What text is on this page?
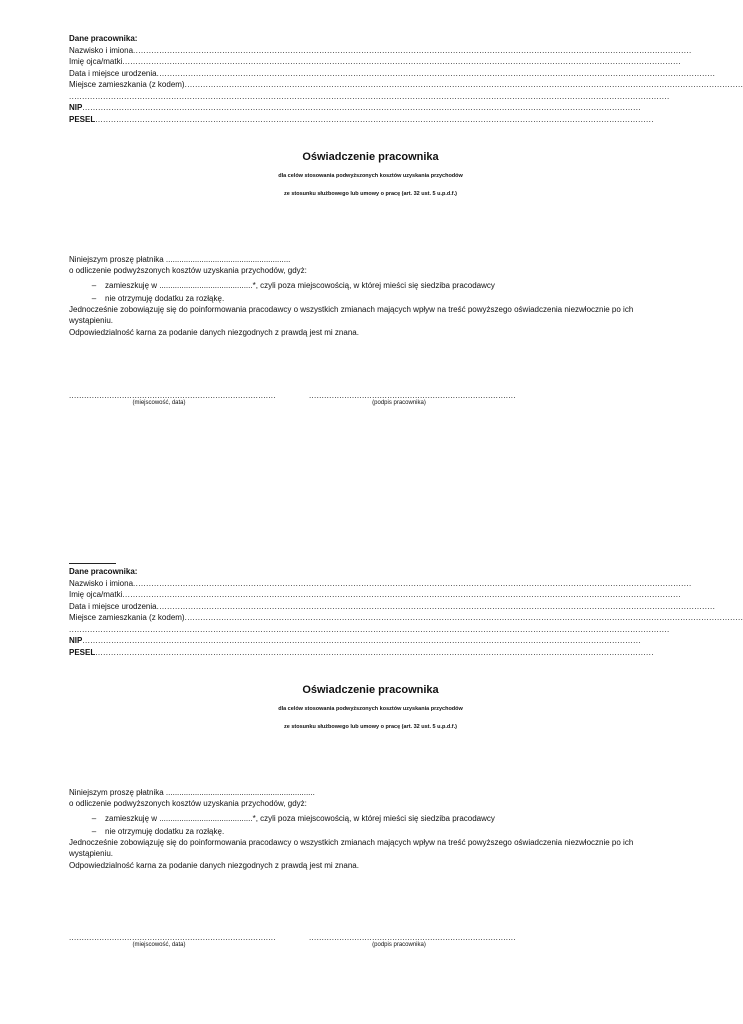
Dane pracownika:
Nazwisko i imiona .....................................................................................................................................................................................................................
Imię ojca/matki .....................................................................................................................................................................................................................
Data i miejsce urodzenia .....................................................................................................................................................................................................................
Miejsce zamieszkania (z kodem) .....................................................................................................................................................................................................................
.....................................................................................................................................................................................................................................
NIP .....................................................................................................................................................................................................................
PESEL .....................................................................................................................................................................................................................
Oświadczenie pracownika
dla celów stosowania podwyższonych kosztów uzyskania przychodów
ze stosunku służbowego lub umowy o pracę (art. 32 ust. 5 u.p.d.f.)
Niniejszym proszę płatnika ........................................................
o odliczenie podwyższonych kosztów uzyskania przychodów, gdyż:
–	zamieszkuję w ..........................................*, czyli poza miejscowością, w której mieści się siedziba pracodawcy
–	nie otrzymuję dodatku za rozłąkę.
Jednocześnie zobowiązuję się do poinformowania pracodawcy o wszystkich zmianach mających wpływ na treść powyższego oświadczenia niezwłocznie po ich wystąpieniu.
Odpowiedzialność karna za podanie danych niezgodnych z prawdą jest mi znana.
..................................................................................
(miejscowość, data)
..................................................................................
(podpis pracownika)
Dane pracownika:
Nazwisko i imiona .....................................................................................................................................................................................................................
Imię ojca/matki .....................................................................................................................................................................................................................
Data i miejsce urodzenia .....................................................................................................................................................................................................................
Miejsce zamieszkania (z kodem) .....................................................................................................................................................................................................................
.....................................................................................................................................................................................................................................
NIP .....................................................................................................................................................................................................................
PESEL .....................................................................................................................................................................................................................
Oświadczenie pracownika
dla celów stosowania podwyższonych kosztów uzyskania przychodów
ze stosunku służbowego lub umowy o pracę (art. 32 ust. 5 u.p.d.f.)
Niniejszym proszę płatnika ...................................................................
o odliczenie podwyższonych kosztów uzyskania przychodów, gdyż:
–	zamieszkuję w ..........................................*, czyli poza miejscowością, w której mieści się siedziba pracodawcy
–	nie otrzymuję dodatku za rozłąkę.
Jednocześnie zobowiązuję się do poinformowania pracodawcy o wszystkich zmianach mających wpływ na treść powyższego oświadczenia niezwłocznie po ich wystąpieniu.
Odpowiedzialność karna za podanie danych niezgodnych z prawdą jest mi znana.
..................................................................................
(miejscowość, data)
..................................................................................
(podpis pracownika)
